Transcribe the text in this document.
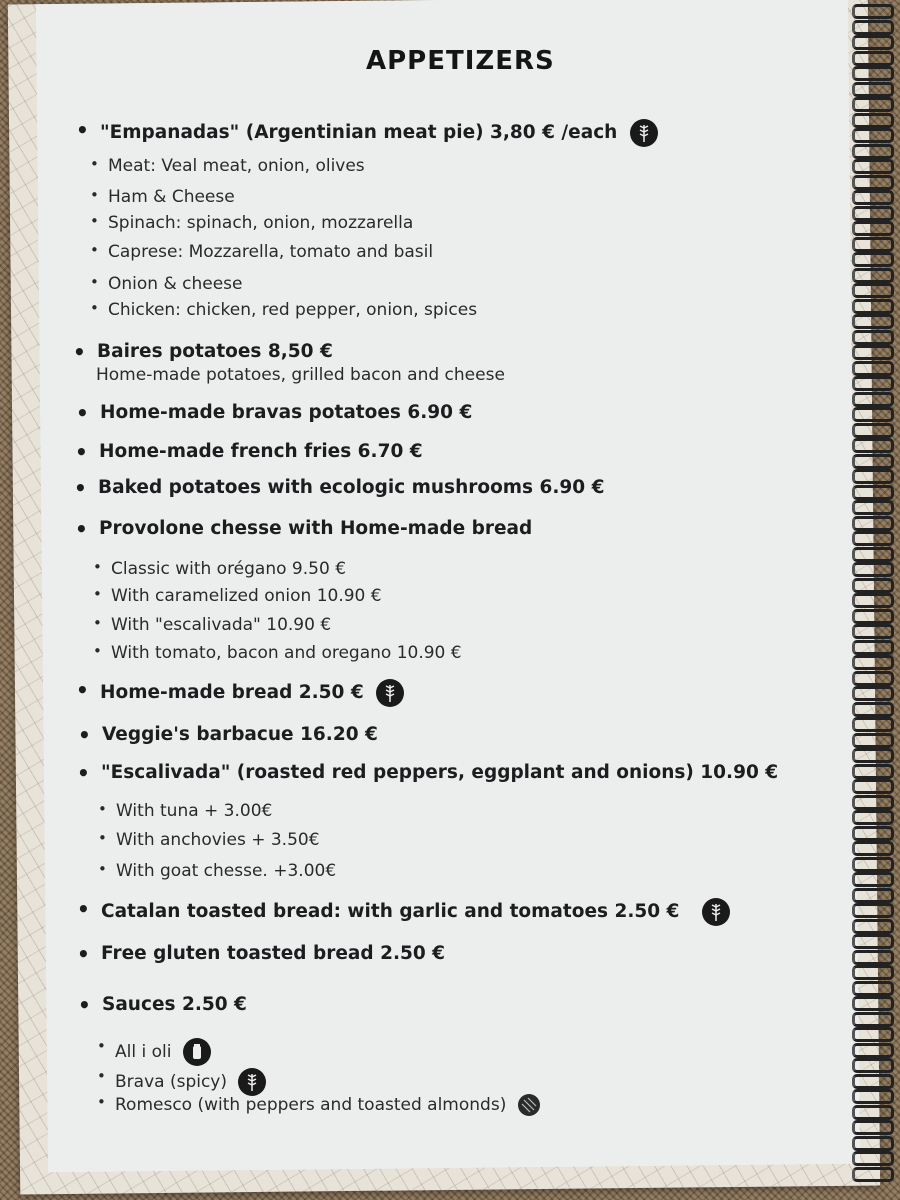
APPETIZERS
• "Empanadas" (Argentinian meat pie) 3,80 € /each
• Meat: Veal meat, onion, olives
• Ham & Cheese
• Spinach: spinach, onion, mozzarella
• Caprese: Mozzarella, tomato and basil
• Onion & cheese
• Chicken: chicken, red pepper, onion, spices
• Baires potatoes 8,50 €
Home-made potatoes, grilled bacon and cheese
• Home-made bravas potatoes 6.90 €
• Home-made french fries 6.70 €
• Baked potatoes with ecologic mushrooms 6.90 €
• Provolone chesse with Home-made bread
• Classic with orégano 9.50 €
• With caramelized onion 10.90 €
• With "escalivada" 10.90 €
• With tomato, bacon and oregano 10.90 €
• Home-made bread 2.50 €
• Veggie's barbacue 16.20 €
• "Escalivada" (roasted red peppers, eggplant and onions) 10.90 €
• With tuna + 3.00€
• With anchovies + 3.50€
• With goat chesse. +3.00€
• Catalan toasted bread: with garlic and tomatoes 2.50 €
• Free gluten toasted bread 2.50 €
• Sauces 2.50 €
• All i oli
• Brava (spicy)
• Romesco (with peppers and toasted almonds)
